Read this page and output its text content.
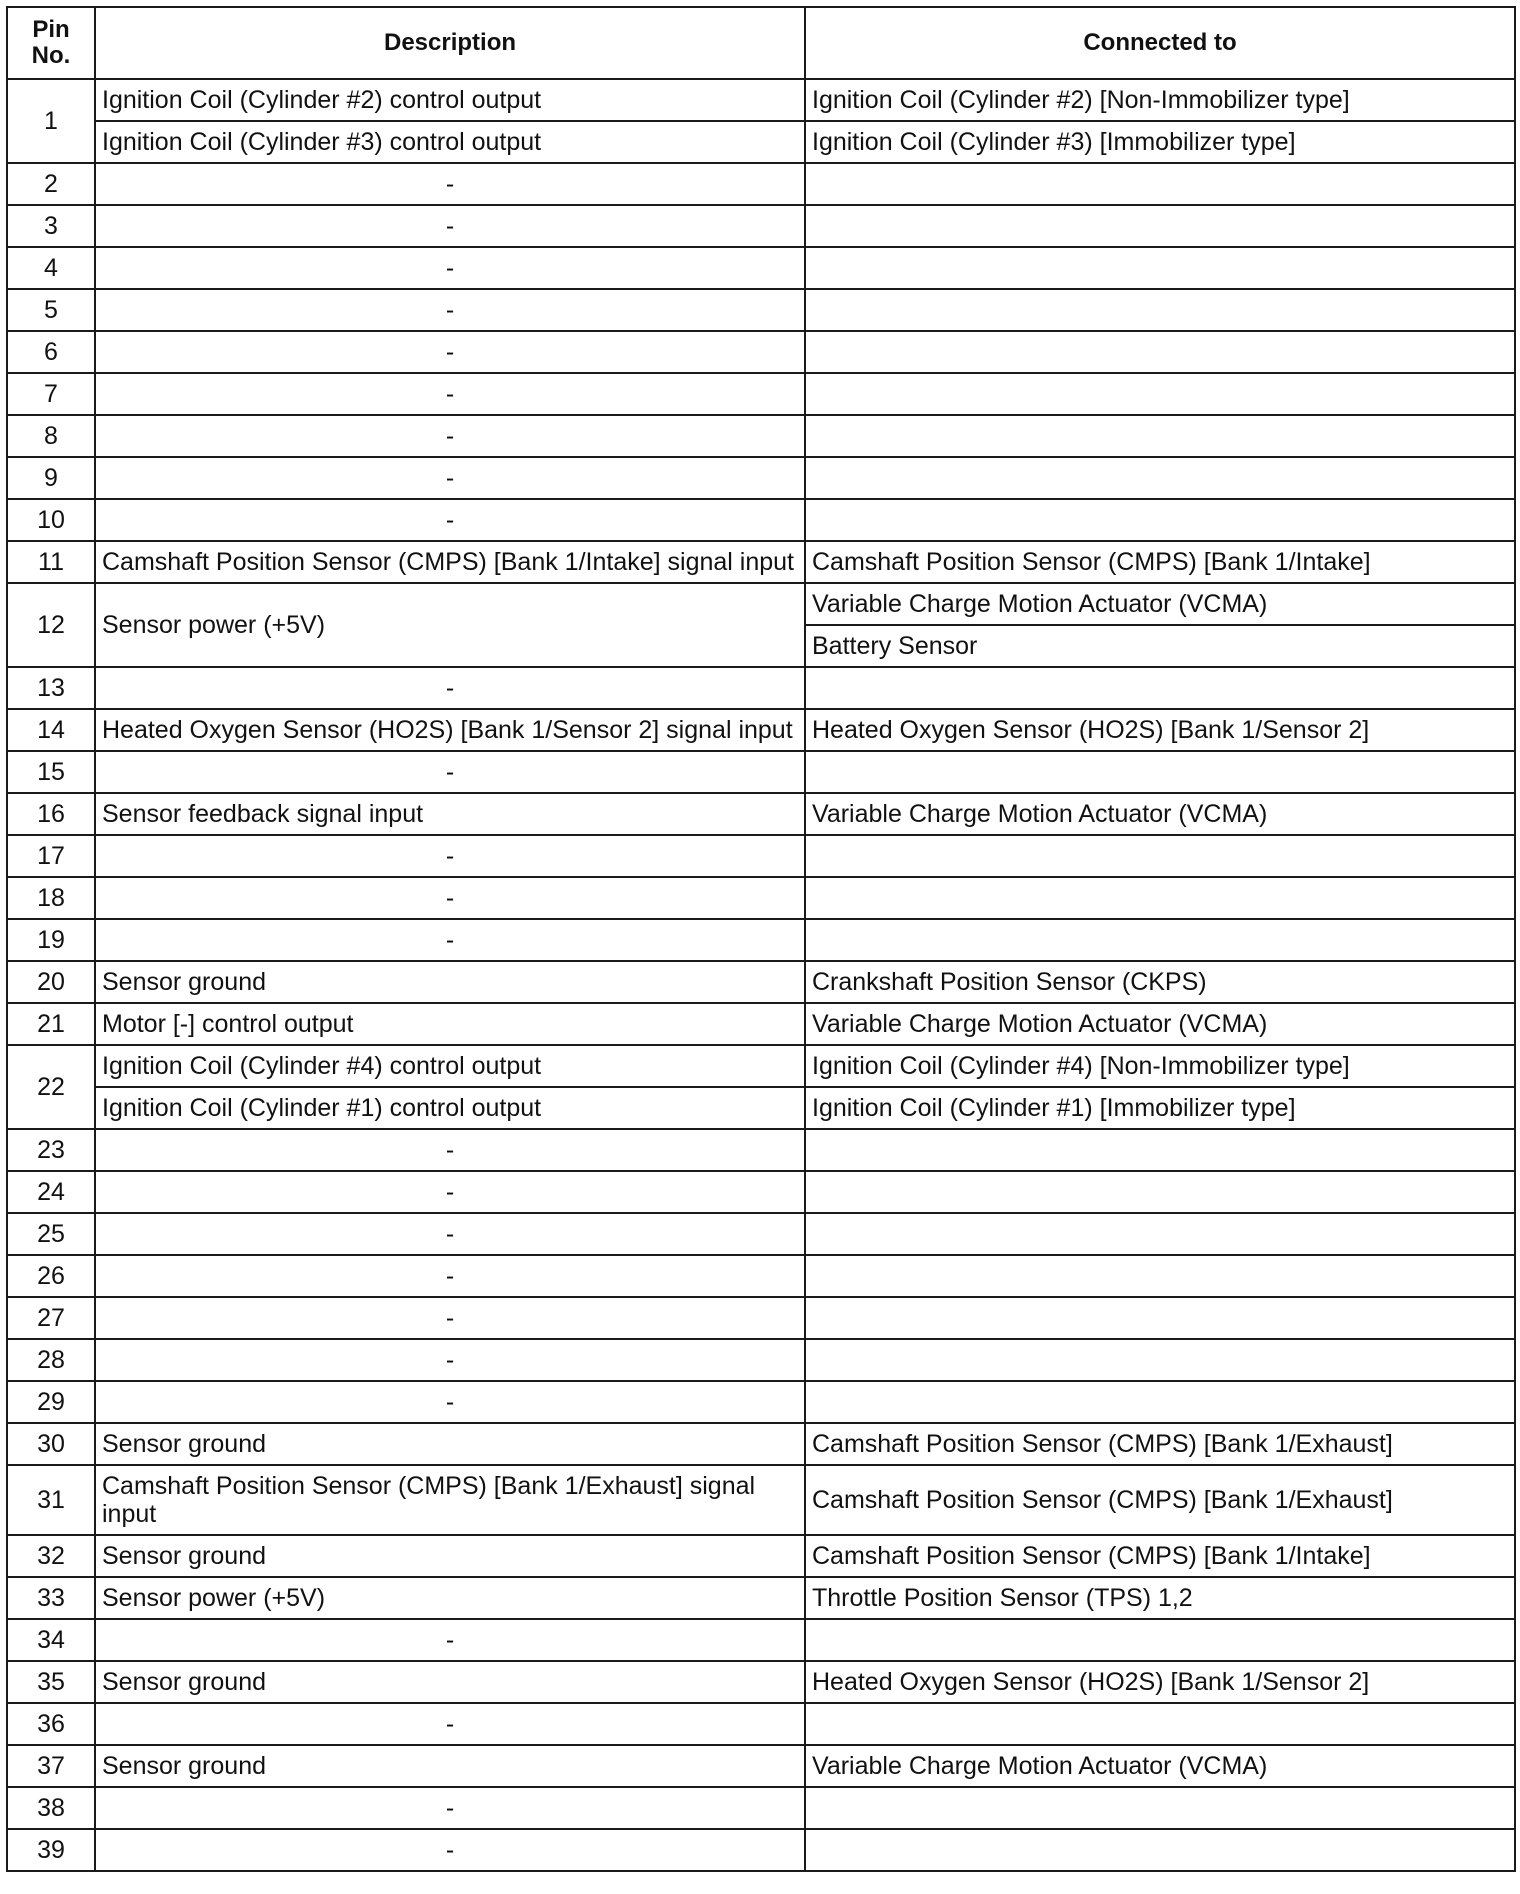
Pin
No.	Description	Connected to
1	Ignition Coil (Cylinder #2) control output	Ignition Coil (Cylinder #2) [Non-Immobilizer type]
	Ignition Coil (Cylinder #3) control output	Ignition Coil (Cylinder #3) [Immobilizer type]
2	-	
3	-	
4	-	
5	-	
6	-	
7	-	
8	-	
9	-	
10	-	
11	Camshaft Position Sensor (CMPS) [Bank 1/Intake] signal input	Camshaft Position Sensor (CMPS) [Bank 1/Intake]
12	Sensor power (+5V)	Variable Charge Motion Actuator (VCMA)
		Battery Sensor
13	-	
14	Heated Oxygen Sensor (HO2S) [Bank 1/Sensor 2] signal input	Heated Oxygen Sensor (HO2S) [Bank 1/Sensor 2]
15	-	
16	Sensor feedback signal input	Variable Charge Motion Actuator (VCMA)
17	-	
18	-	
19	-	
20	Sensor ground	Crankshaft Position Sensor (CKPS)
21	Motor [-] control output	Variable Charge Motion Actuator (VCMA)
22	Ignition Coil (Cylinder #4) control output	Ignition Coil (Cylinder #4) [Non-Immobilizer type]
	Ignition Coil (Cylinder #1) control output	Ignition Coil (Cylinder #1) [Immobilizer type]
23	-	
24	-	
25	-	
26	-	
27	-	
28	-	
29	-	
30	Sensor ground	Camshaft Position Sensor (CMPS) [Bank 1/Exhaust]
31	Camshaft Position Sensor (CMPS) [Bank 1/Exhaust] signal input	Camshaft Position Sensor (CMPS) [Bank 1/Exhaust]
32	Sensor ground	Camshaft Position Sensor (CMPS) [Bank 1/Intake]
33	Sensor power (+5V)	Throttle Position Sensor (TPS) 1,2
34	-	
35	Sensor ground	Heated Oxygen Sensor (HO2S) [Bank 1/Sensor 2]
36	-	
37	Sensor ground	Variable Charge Motion Actuator (VCMA)
38	-	
39	-	
